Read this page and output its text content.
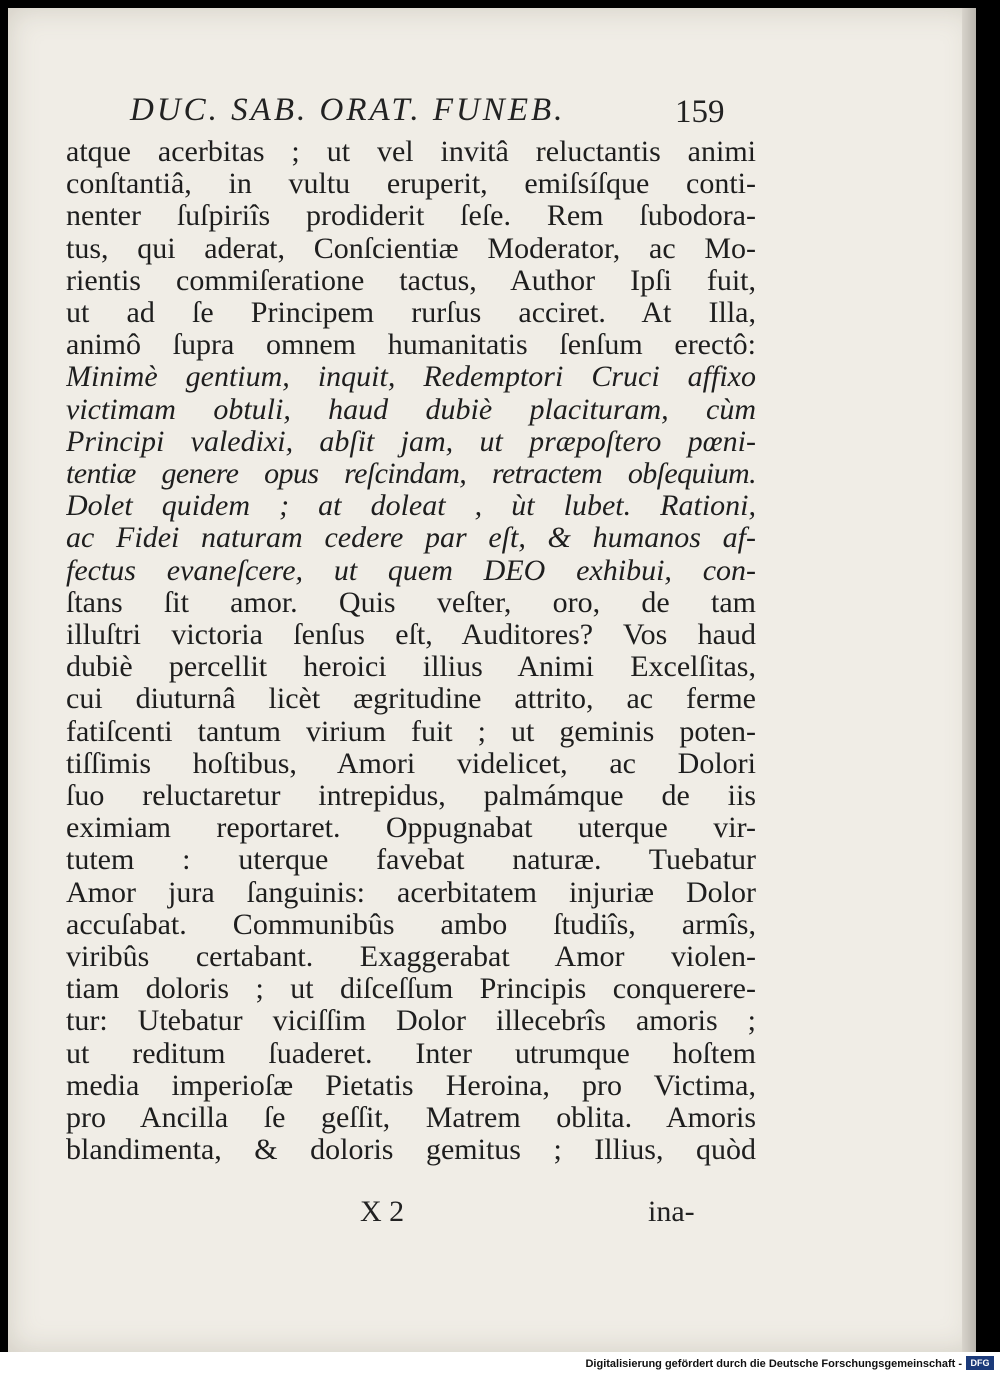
DUC. SAB. ORAT. FUNEB.	159
atque acerbitas ; ut vel invitâ reluctantis animi
conſtantiâ, in vultu eruperit, emiſsíſque conti-
nenter ſuſpiriîs prodiderit ſeſe. Rem ſubodora-
tus, qui aderat, Conſcientiæ Moderator, ac Mo-
rientis commiſeratione tactus, Author Ipſi fuit,
ut ad ſe Principem rurſus acciret. At Illa,
animô ſupra omnem humanitatis ſenſum erectô:
Minimè gentium, inquit, Redemptori Cruci affixo
victimam obtuli, haud dubiè placituram, cùm
Principi valedixi, abſit jam, ut præpoſtero pœni-
tentiæ genere opus reſcindam, retractem obſequium.
Dolet quidem ; at doleat , ùt lubet. Rationi,
ac Fidei naturam cedere par eſt, & humanos af-
fectus evaneſcere, ut quem DEO exhibui, con-
ſtans ſit amor. Quis veſter, oro, de tam
illuſtri victoria ſenſus eſt, Auditores? Vos haud
dubiè percellit heroici illius Animi Excelſitas,
cui diuturnâ licèt ægritudine attrito, ac ferme
fatiſcenti tantum virium fuit ; ut geminis poten-
tiſſimis hoſtibus, Amori videlicet, ac Dolori
ſuo reluctaretur intrepidus, palmámque de iis
eximiam reportaret. Oppugnabat uterque vir-
tutem : uterque favebat naturæ. Tuebatur
Amor jura ſanguinis: acerbitatem injuriæ Dolor
accuſabat. Communibûs ambo ſtudiîs, armîs,
viribûs certabant. Exaggerabat Amor violen-
tiam doloris ; ut diſceſſum Principis conquerere-
tur: Utebatur viciſſim Dolor illecebrîs amoris ;
ut reditum ſuaderet. Inter utrumque hoſtem
media imperioſæ Pietatis Heroina, pro Victima,
pro Ancilla ſe geſſit, Matrem oblita. Amoris
blandimenta, & doloris gemitus ; Illius, quòd
X 2	ina-
Digitalisierung gefördert durch die Deutsche Forschungsgemeinschaft - DFG
